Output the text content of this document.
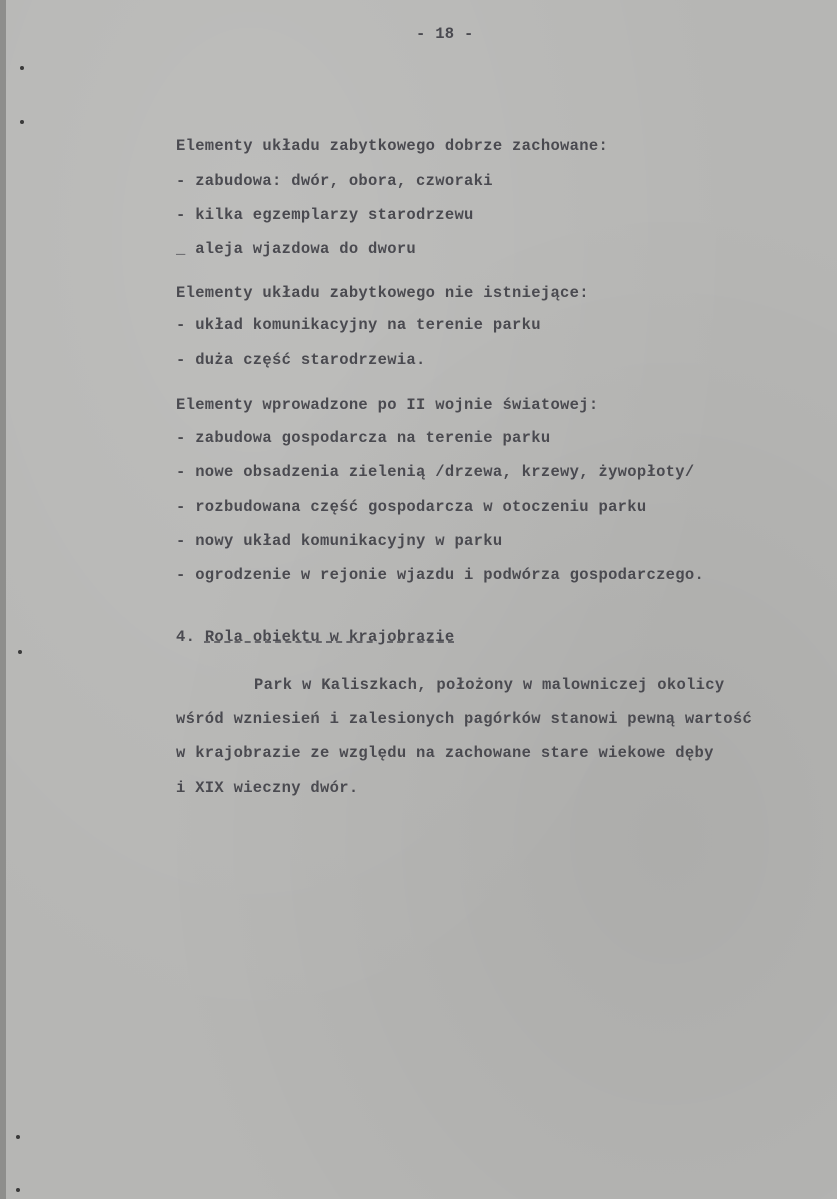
- 18 -
Elementy układu zabytkowego dobrze zachowane:
- zabudowa: dwór, obora, czworaki
- kilka egzemplarzy starodrzewu
_ aleja wjazdowa do dworu
Elementy układu zabytkowego nie istniejące:
- układ komunikacyjny na terenie parku
- duża część starodrzewia.
Elementy wprowadzone po II wojnie światowej:
- zabudowa gospodarcza na terenie parku
- nowe obsadzenia zielenią /drzewa, krzewy, żywopłoty/
- rozbudowana część gospodarcza w otoczeniu parku
- nowy układ komunikacyjny w parku
- ogrodzenie w rejonie wjazdu i podwórza gospodarczego.
4. Rola obiektu w krajobrazie
Park w Kaliszkach, położony w malowniczej okolicy
wśród wzniesień i zalesionych pagórków stanowi pewną wartość
w krajobrazie ze względu na zachowane stare wiekowe dęby
i XIX wieczny dwór.
